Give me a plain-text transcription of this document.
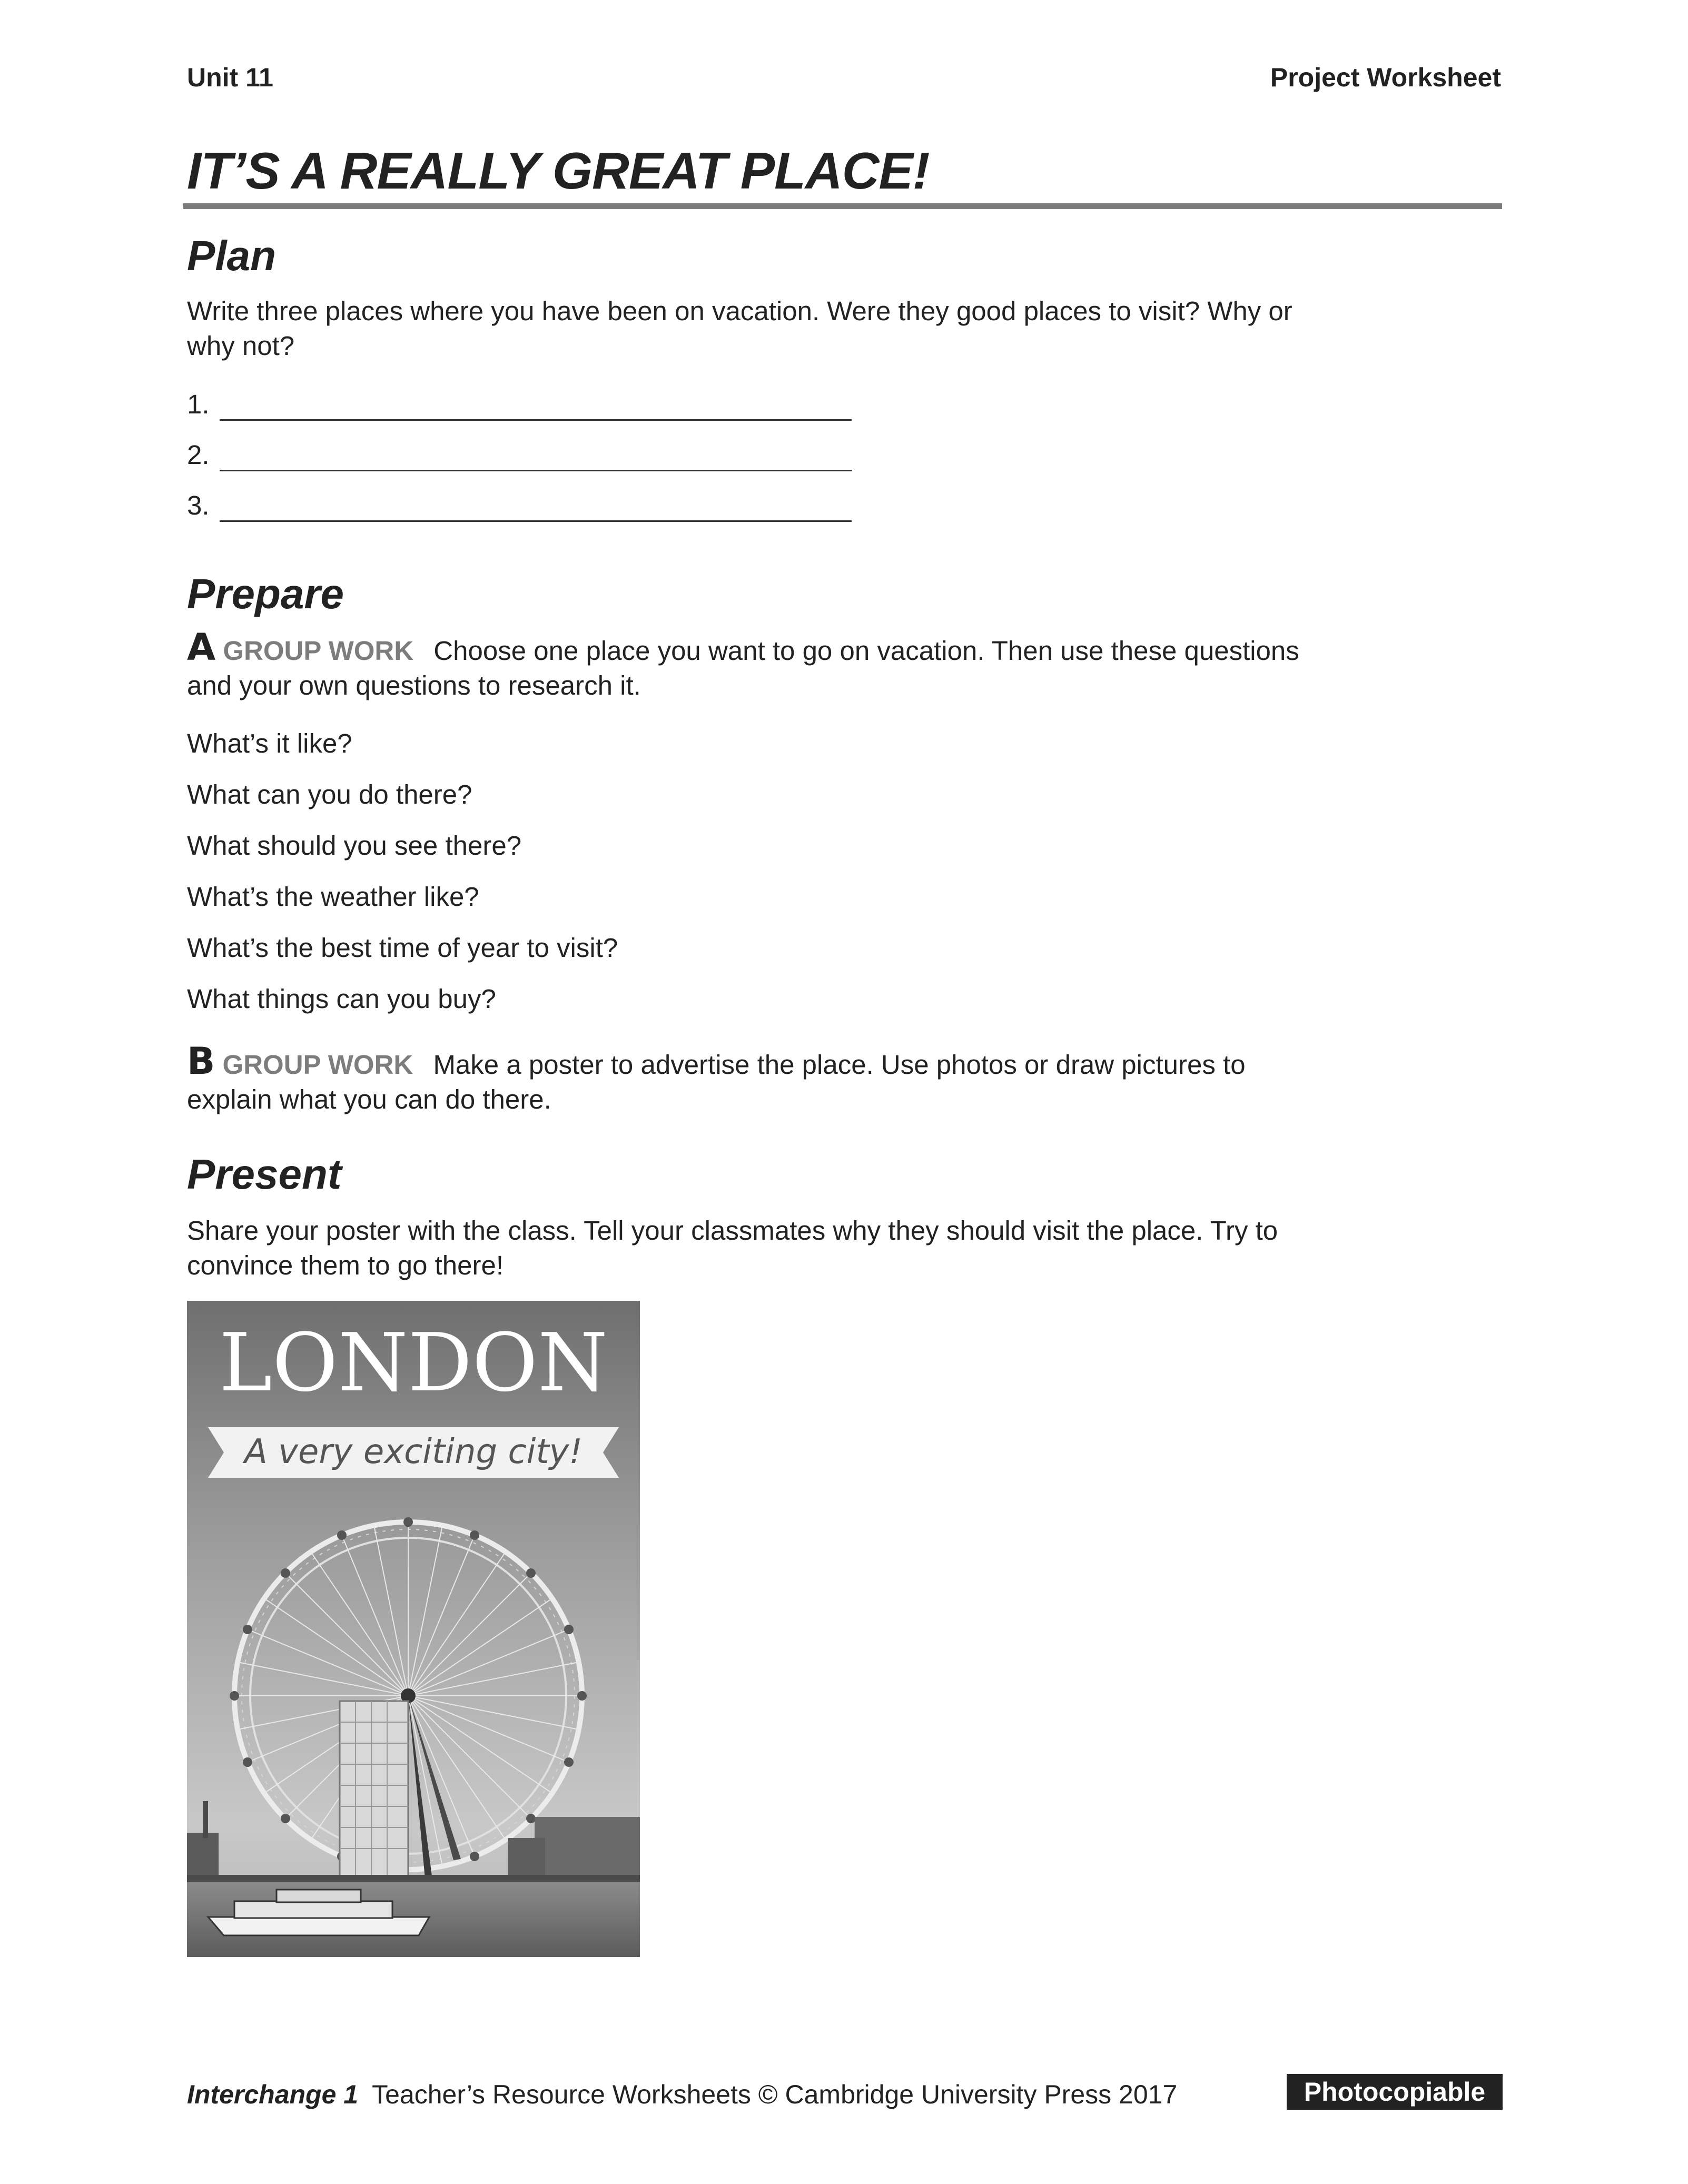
Unit 11	Project Worksheet
IT’S A REALLY GREAT PLACE!
Plan
Write three places where you have been on vacation. Were they good places to visit? Why or why not?
1.
2.
3.
Prepare
A GROUP WORK Choose one place you want to go on vacation. Then use these questions and your own questions to research it.
What’s it like?
What can you do there?
What should you see there?
What’s the weather like?
What’s the best time of year to visit?
What things can you buy?
B GROUP WORK Make a poster to advertise the place. Use photos or draw pictures to explain what you can do there.
Present
Share your poster with the class. Tell your classmates why they should visit the place. Try to convince them to go there!
LONDON
A very exciting city!
Interchange 1 Teacher’s Resource Worksheets © Cambridge University Press 2017	Photocopiable
